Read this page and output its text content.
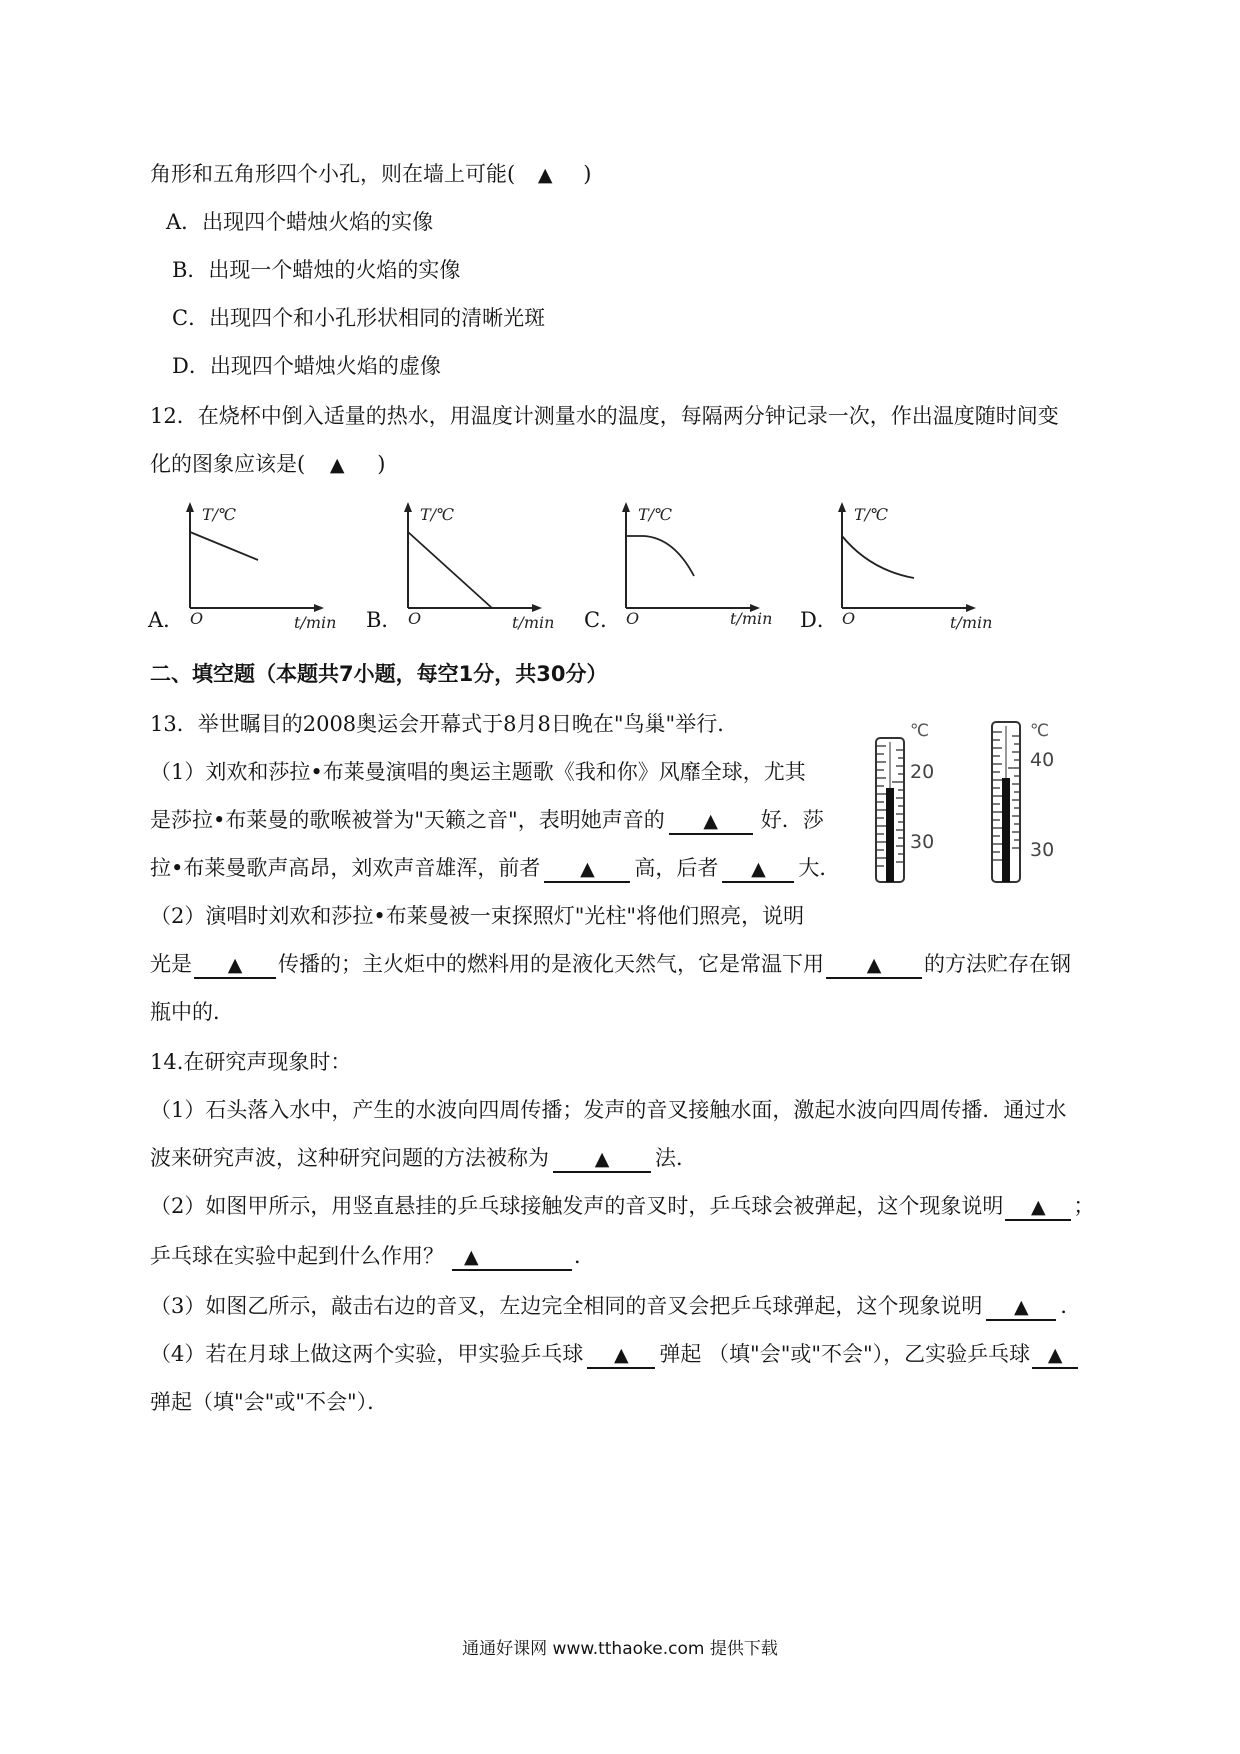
角形和五角形四个小孔，则在墙上可能( ▲ )
A．出现四个蜡烛火焰的实像
B．出现一个蜡烛的火焰的实像
C．出现四个和小孔形状相同的清晰光斑
D．出现四个蜡烛火焰的虚像
12．在烧杯中倒入适量的热水，用温度计测量水的温度，每隔两分钟记录一次，作出温度随时间变
化的图象应该是( ▲ )
A．	B．	C．	D．
T/℃
O	t/min
T/℃
O	t/min
T/℃
O	t/min
T/℃
O	t/min
二、填空题（本题共7小题，每空1分，共30分）
13．举世瞩目的2008奥运会开幕式于8月8日晚在"鸟巢"举行．
（1）刘欢和莎拉•布莱曼演唱的奥运主题歌《我和你》风靡全球，尤其
是莎拉•布莱曼的歌喉被誉为"天籁之音"，表明她声音的 ▲ 好．莎
拉•布莱曼歌声高昂，刘欢声音雄浑，前者 ▲ 高，后者 ▲ 大．
（2）演唱时刘欢和莎拉•布莱曼被一束探照灯"光柱"将他们照亮，说明
光是 ▲ 传播的；主火炬中的燃料用的是液化天然气，它是常温下用 ▲ 的方法贮存在钢
瓶中的．
℃
20
30
℃
40
30
14.在研究声现象时：
（1）石头落入水中，产生的水波向四周传播；发声的音叉接触水面，激起水波向四周传播．通过水
波来研究声波，这种研究问题的方法被称为 ▲ 法．
（2）如图甲所示，用竖直悬挂的乒乓球接触发声的音叉时，乒乓球会被弹起，这个现象说明 ▲ ；
乒乓球在实验中起到什么作用？ ▲	．
（3）如图乙所示，敲击右边的音叉，左边完全相同的音叉会把乒乓球弹起，这个现象说明 ▲ ．
（4）若在月球上做这两个实验，甲实验乒乓球 ▲ 弹起 （填"会"或"不会"），乙实验乒乓球 ▲
弹起（填"会"或"不会"）．
通通好课网 www.tthaoke.com 提供下载
